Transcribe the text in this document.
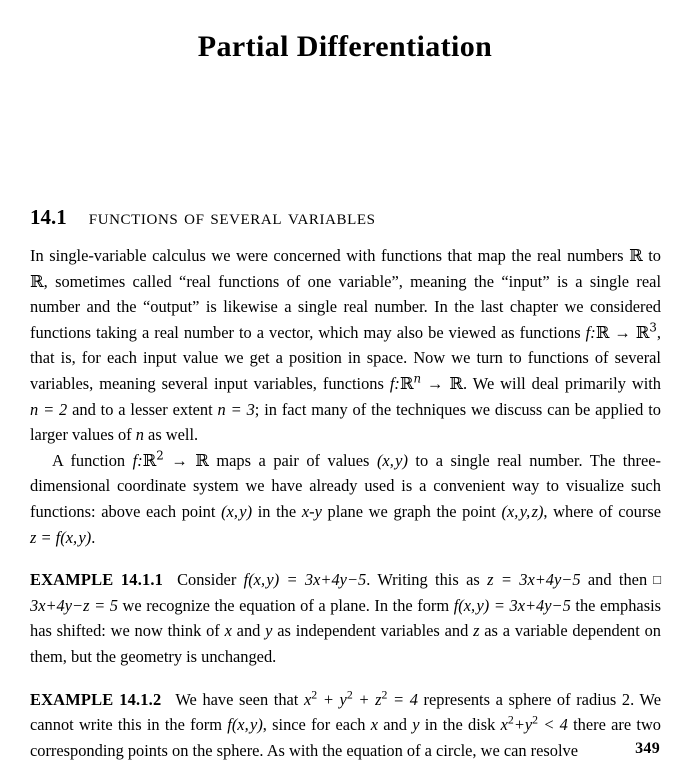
Partial Differentiation
14.1 functions of several variables

In single-variable calculus we were concerned with functions that map the real numbers ℝ to ℝ, sometimes called “real functions of one variable”, meaning the “input” is a single real number and the “output” is likewise a single real number. In the last chapter we considered functions taking a real number to a vector, which may also be viewed as functions f:ℝ → ℝ$^3$, that is, for each input value we get a position in space. Now we turn to functions of several variables, meaning several input variables, functions f:ℝ$^n$ → ℝ. We will deal primarily with n = 2 and to a lesser extent n = 3; in fact many of the techniques we discuss can be applied to larger values of n as well.

A function f:ℝ$^2$ → ℝ maps a pair of values (x, y) to a single real number. The three-dimensional coordinate system we have already used is a convenient way to visualize such functions: above each point (x, y) in the x-y plane we graph the point (x, y, z), where of course z = f(x, y).

□
EXAMPLE 14.1.1 Consider f(x, y) = 3x+4y−5. Writing this as z = 3x+4y−5 and then 3x+4y−z = 5 we recognize the equation of a plane. In the form f(x, y) = 3x+4y−5 the emphasis has shifted: we now think of x and y as independent variables and z as a variable dependent on them, but the geometry is unchanged.
EXAMPLE 14.1.2 We have seen that $x^2 + y^2 + z^2 = 4$ represents a sphere of radius 2. We cannot write this in the form f(x, y), since for each x and y in the disk $x^2+y^2 < 4$ there are two corresponding points on the sphere. As with the equation of a circle, we can resolve	349
